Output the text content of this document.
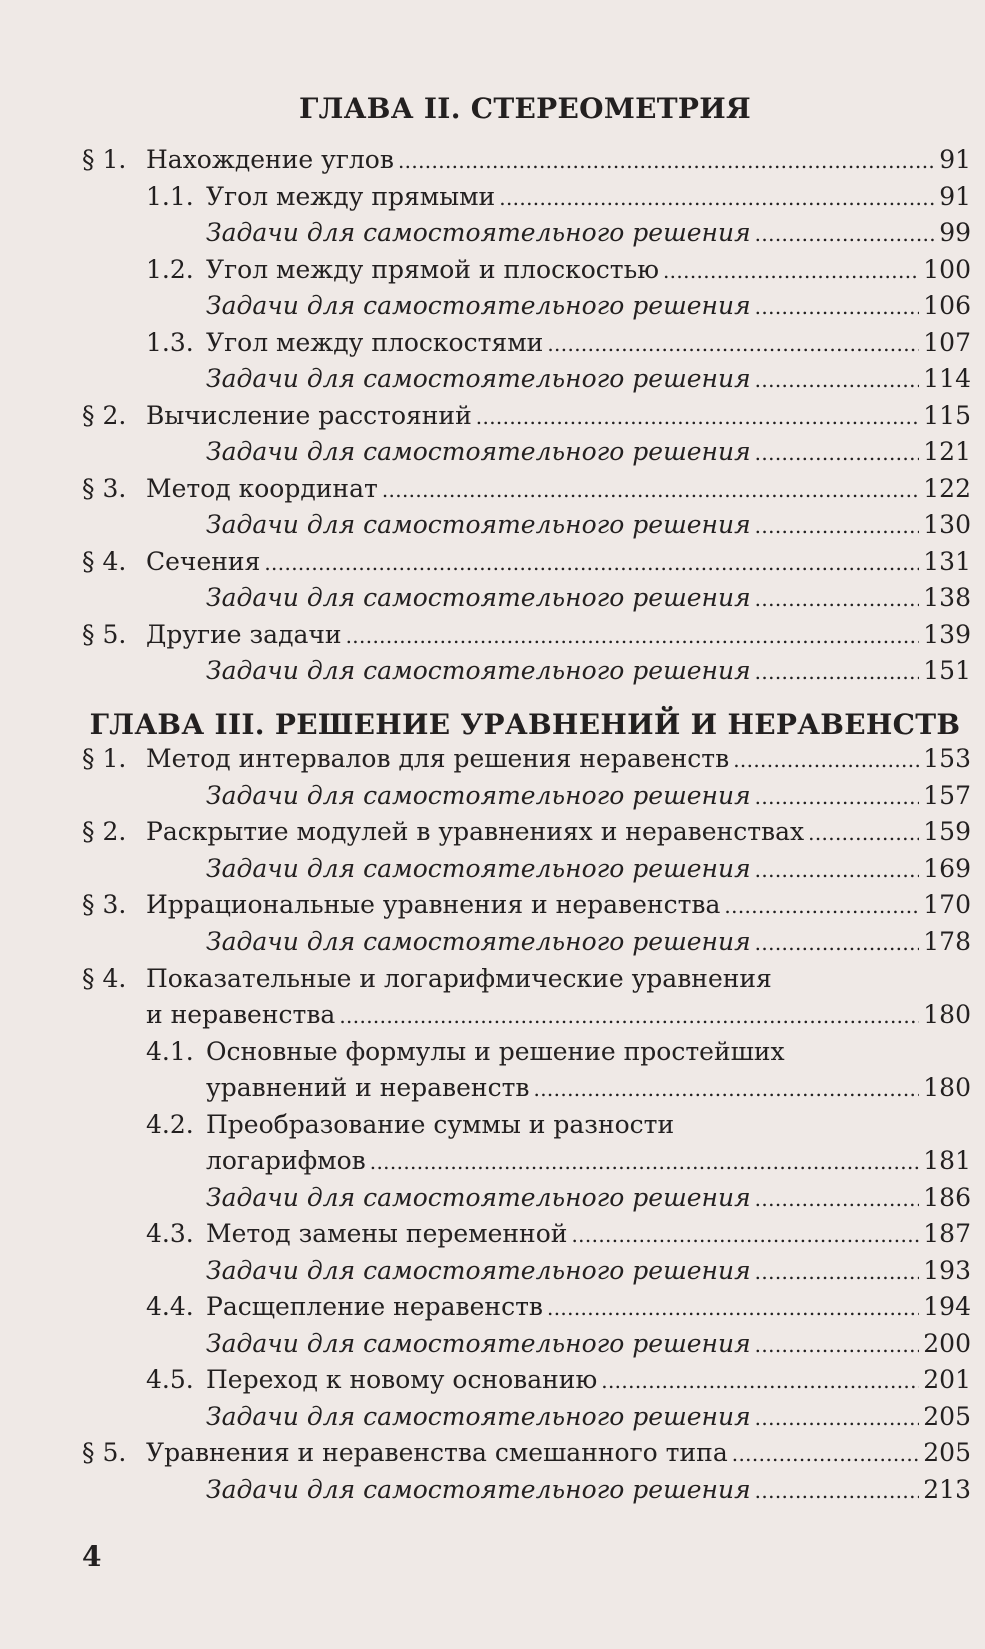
ГЛАВА II. СТЕРЕОМЕТРИЯ
§ 1. Нахождение углов . . .	91
1.1. Угол между прямыми . . .	91
Задачи для самостоятельного решения . . .	99
1.2. Угол между прямой и плоскостью . . .	100
Задачи для самостоятельного решения . . .	106
1.3. Угол между плоскостями . . .	107
Задачи для самостоятельного решения . . .	114
§ 2. Вычисление расстояний . . .	115
Задачи для самостоятельного решения . . .	121
§ 3. Метод координат . . .	122
Задачи для самостоятельного решения . . .	130
§ 4. Сечения . . .	131
Задачи для самостоятельного решения . . .	138
§ 5. Другие задачи . . .	139
Задачи для самостоятельного решения . . .	151
ГЛАВА III. РЕШЕНИЕ УРАВНЕНИЙ И НЕРАВЕНСТВ
§ 1. Метод интервалов для решения неравенств . . .	153
Задачи для самостоятельного решения . . .	157
§ 2. Раскрытие модулей в уравнениях и неравенствах . . .	159
Задачи для самостоятельного решения . . .	169
§ 3. Иррациональные уравнения и неравенства . . .	170
Задачи для самостоятельного решения . . .	178
§ 4. Показательные и логарифмические уравнения
и неравенства . . .	180
4.1. Основные формулы и решение простейших
уравнений и неравенств . . .	180
4.2. Преобразование суммы и разности
логарифмов . . .	181
Задачи для самостоятельного решения . . .	186
4.3. Метод замены переменной . . .	187
Задачи для самостоятельного решения . . .	193
4.4. Расщепление неравенств . . .	194
Задачи для самостоятельного решения . . .	200
4.5. Переход к новому основанию . . .	201
Задачи для самостоятельного решения . . .	205
§ 5. Уравнения и неравенства смешанного типа . . .	205
Задачи для самостоятельного решения . . .	213
4
